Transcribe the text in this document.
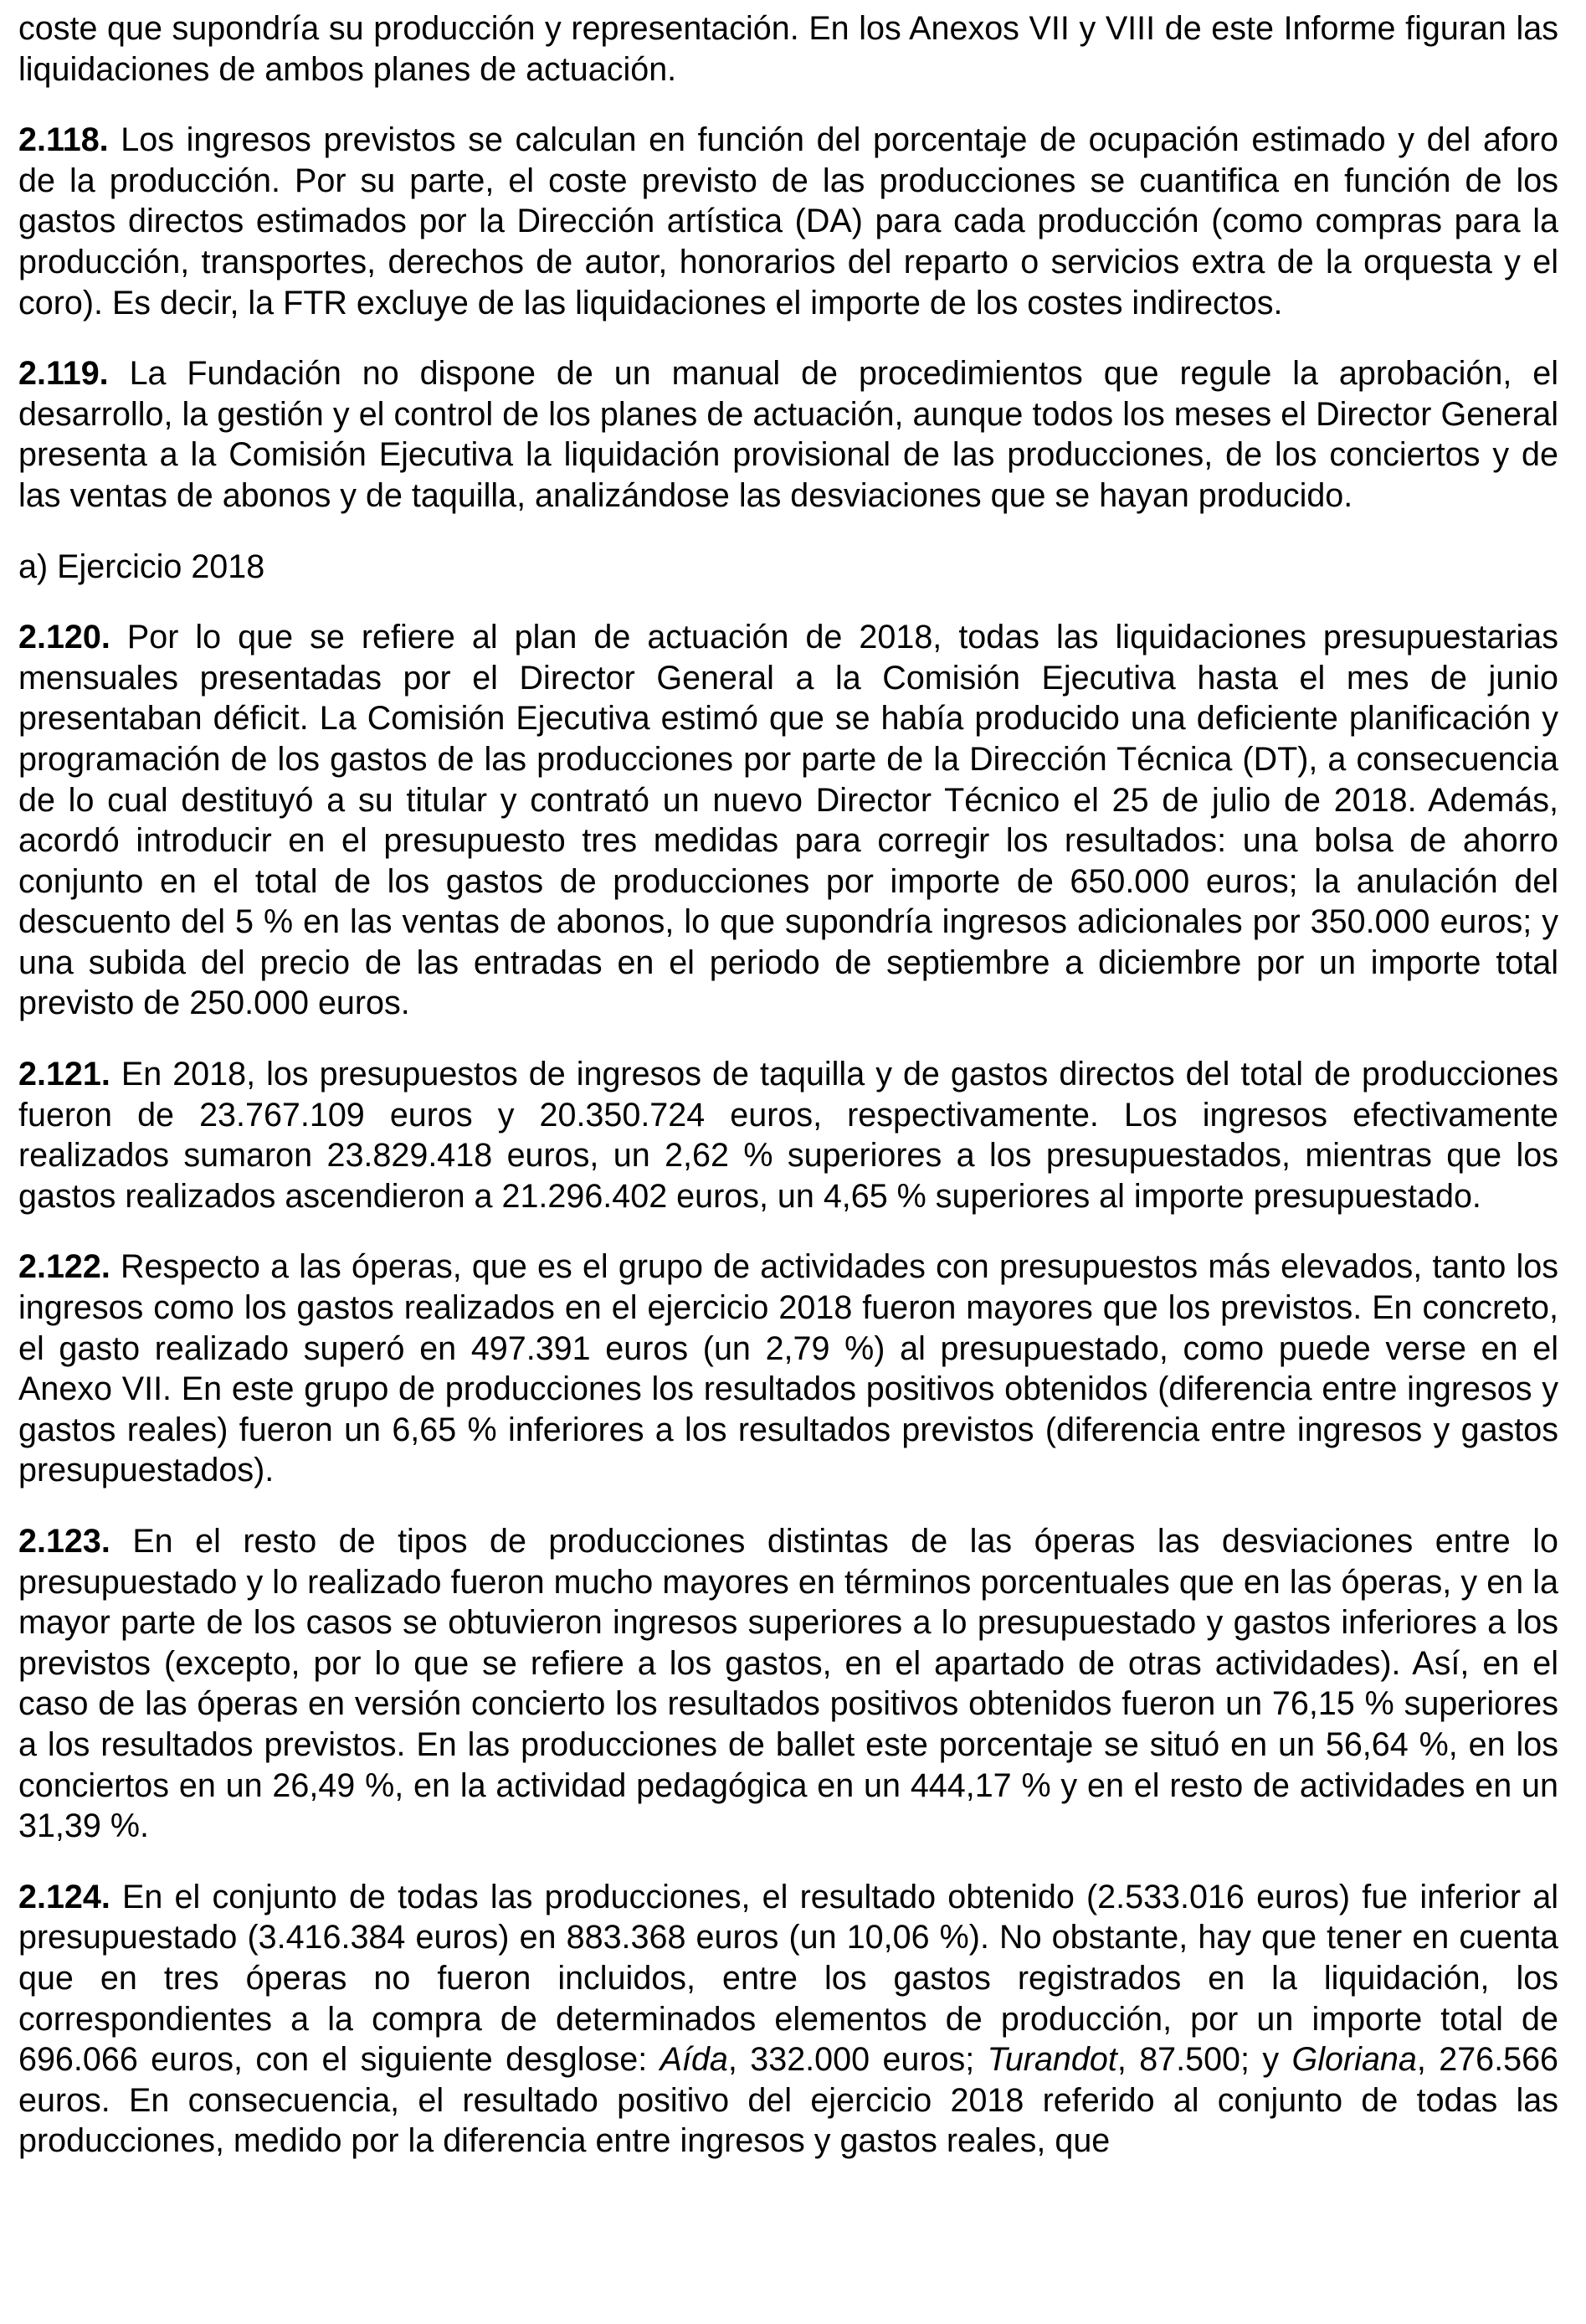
coste que supondría su producción y representación. En los Anexos VII y VIII de este Informe figuran las liquidaciones de ambos planes de actuación.

2.118. Los ingresos previstos se calculan en función del porcentaje de ocupación estimado y del aforo de la producción. Por su parte, el coste previsto de las producciones se cuantifica en función de los gastos directos estimados por la Dirección artística (DA) para cada producción (como compras para la producción, transportes, derechos de autor, honorarios del reparto o servicios extra de la orquesta y el coro). Es decir, la FTR excluye de las liquidaciones el importe de los costes indirectos.

2.119. La Fundación no dispone de un manual de procedimientos que regule la aprobación, el desarrollo, la gestión y el control de los planes de actuación, aunque todos los meses el Director General presenta a la Comisión Ejecutiva la liquidación provisional de las producciones, de los conciertos y de las ventas de abonos y de taquilla, analizándose las desviaciones que se hayan producido.

a) Ejercicio 2018

2.120. Por lo que se refiere al plan de actuación de 2018, todas las liquidaciones presupuestarias mensuales presentadas por el Director General a la Comisión Ejecutiva hasta el mes de junio presentaban déficit. La Comisión Ejecutiva estimó que se había producido una deficiente planificación y programación de los gastos de las producciones por parte de la Dirección Técnica (DT), a consecuencia de lo cual destituyó a su titular y contrató un nuevo Director Técnico el 25 de julio de 2018. Además, acordó introducir en el presupuesto tres medidas para corregir los resultados: una bolsa de ahorro conjunto en el total de los gastos de producciones por importe de 650.000 euros; la anulación del descuento del 5 % en las ventas de abonos, lo que supondría ingresos adicionales por 350.000 euros; y una subida del precio de las entradas en el periodo de septiembre a diciembre por un importe total previsto de 250.000 euros.

2.121. En 2018, los presupuestos de ingresos de taquilla y de gastos directos del total de producciones fueron de 23.767.109 euros y 20.350.724 euros, respectivamente. Los ingresos efectivamente realizados sumaron 23.829.418 euros, un 2,62 % superiores a los presupuestados, mientras que los gastos realizados ascendieron a 21.296.402 euros, un 4,65 % superiores al importe presupuestado.

2.122. Respecto a las óperas, que es el grupo de actividades con presupuestos más elevados, tanto los ingresos como los gastos realizados en el ejercicio 2018 fueron mayores que los previstos. En concreto, el gasto realizado superó en 497.391 euros (un 2,79 %) al presupuestado, como puede verse en el Anexo VII. En este grupo de producciones los resultados positivos obtenidos (diferencia entre ingresos y gastos reales) fueron un 6,65 % inferiores a los resultados previstos (diferencia entre ingresos y gastos presupuestados).

2.123. En el resto de tipos de producciones distintas de las óperas las desviaciones entre lo presupuestado y lo realizado fueron mucho mayores en términos porcentuales que en las óperas, y en la mayor parte de los casos se obtuvieron ingresos superiores a lo presupuestado y gastos inferiores a los previstos (excepto, por lo que se refiere a los gastos, en el apartado de otras actividades). Así, en el caso de las óperas en versión concierto los resultados positivos obtenidos fueron un 76,15 % superiores a los resultados previstos. En las producciones de ballet este porcentaje se situó en un 56,64 %, en los conciertos en un 26,49 %, en la actividad pedagógica en un 444,17 % y en el resto de actividades en un 31,39 %.

2.124. En el conjunto de todas las producciones, el resultado obtenido (2.533.016 euros) fue inferior al presupuestado (3.416.384 euros) en 883.368 euros (un 10,06 %). No obstante, hay que tener en cuenta que en tres óperas no fueron incluidos, entre los gastos registrados en la liquidación, los correspondientes a la compra de determinados elementos de producción, por un importe total de 696.066 euros, con el siguiente desglose: Aída, 332.000 euros; Turandot, 87.500; y Gloriana, 276.566 euros. En consecuencia, el resultado positivo del ejercicio 2018 referido al conjunto de todas las producciones, medido por la diferencia entre ingresos y gastos reales, que
